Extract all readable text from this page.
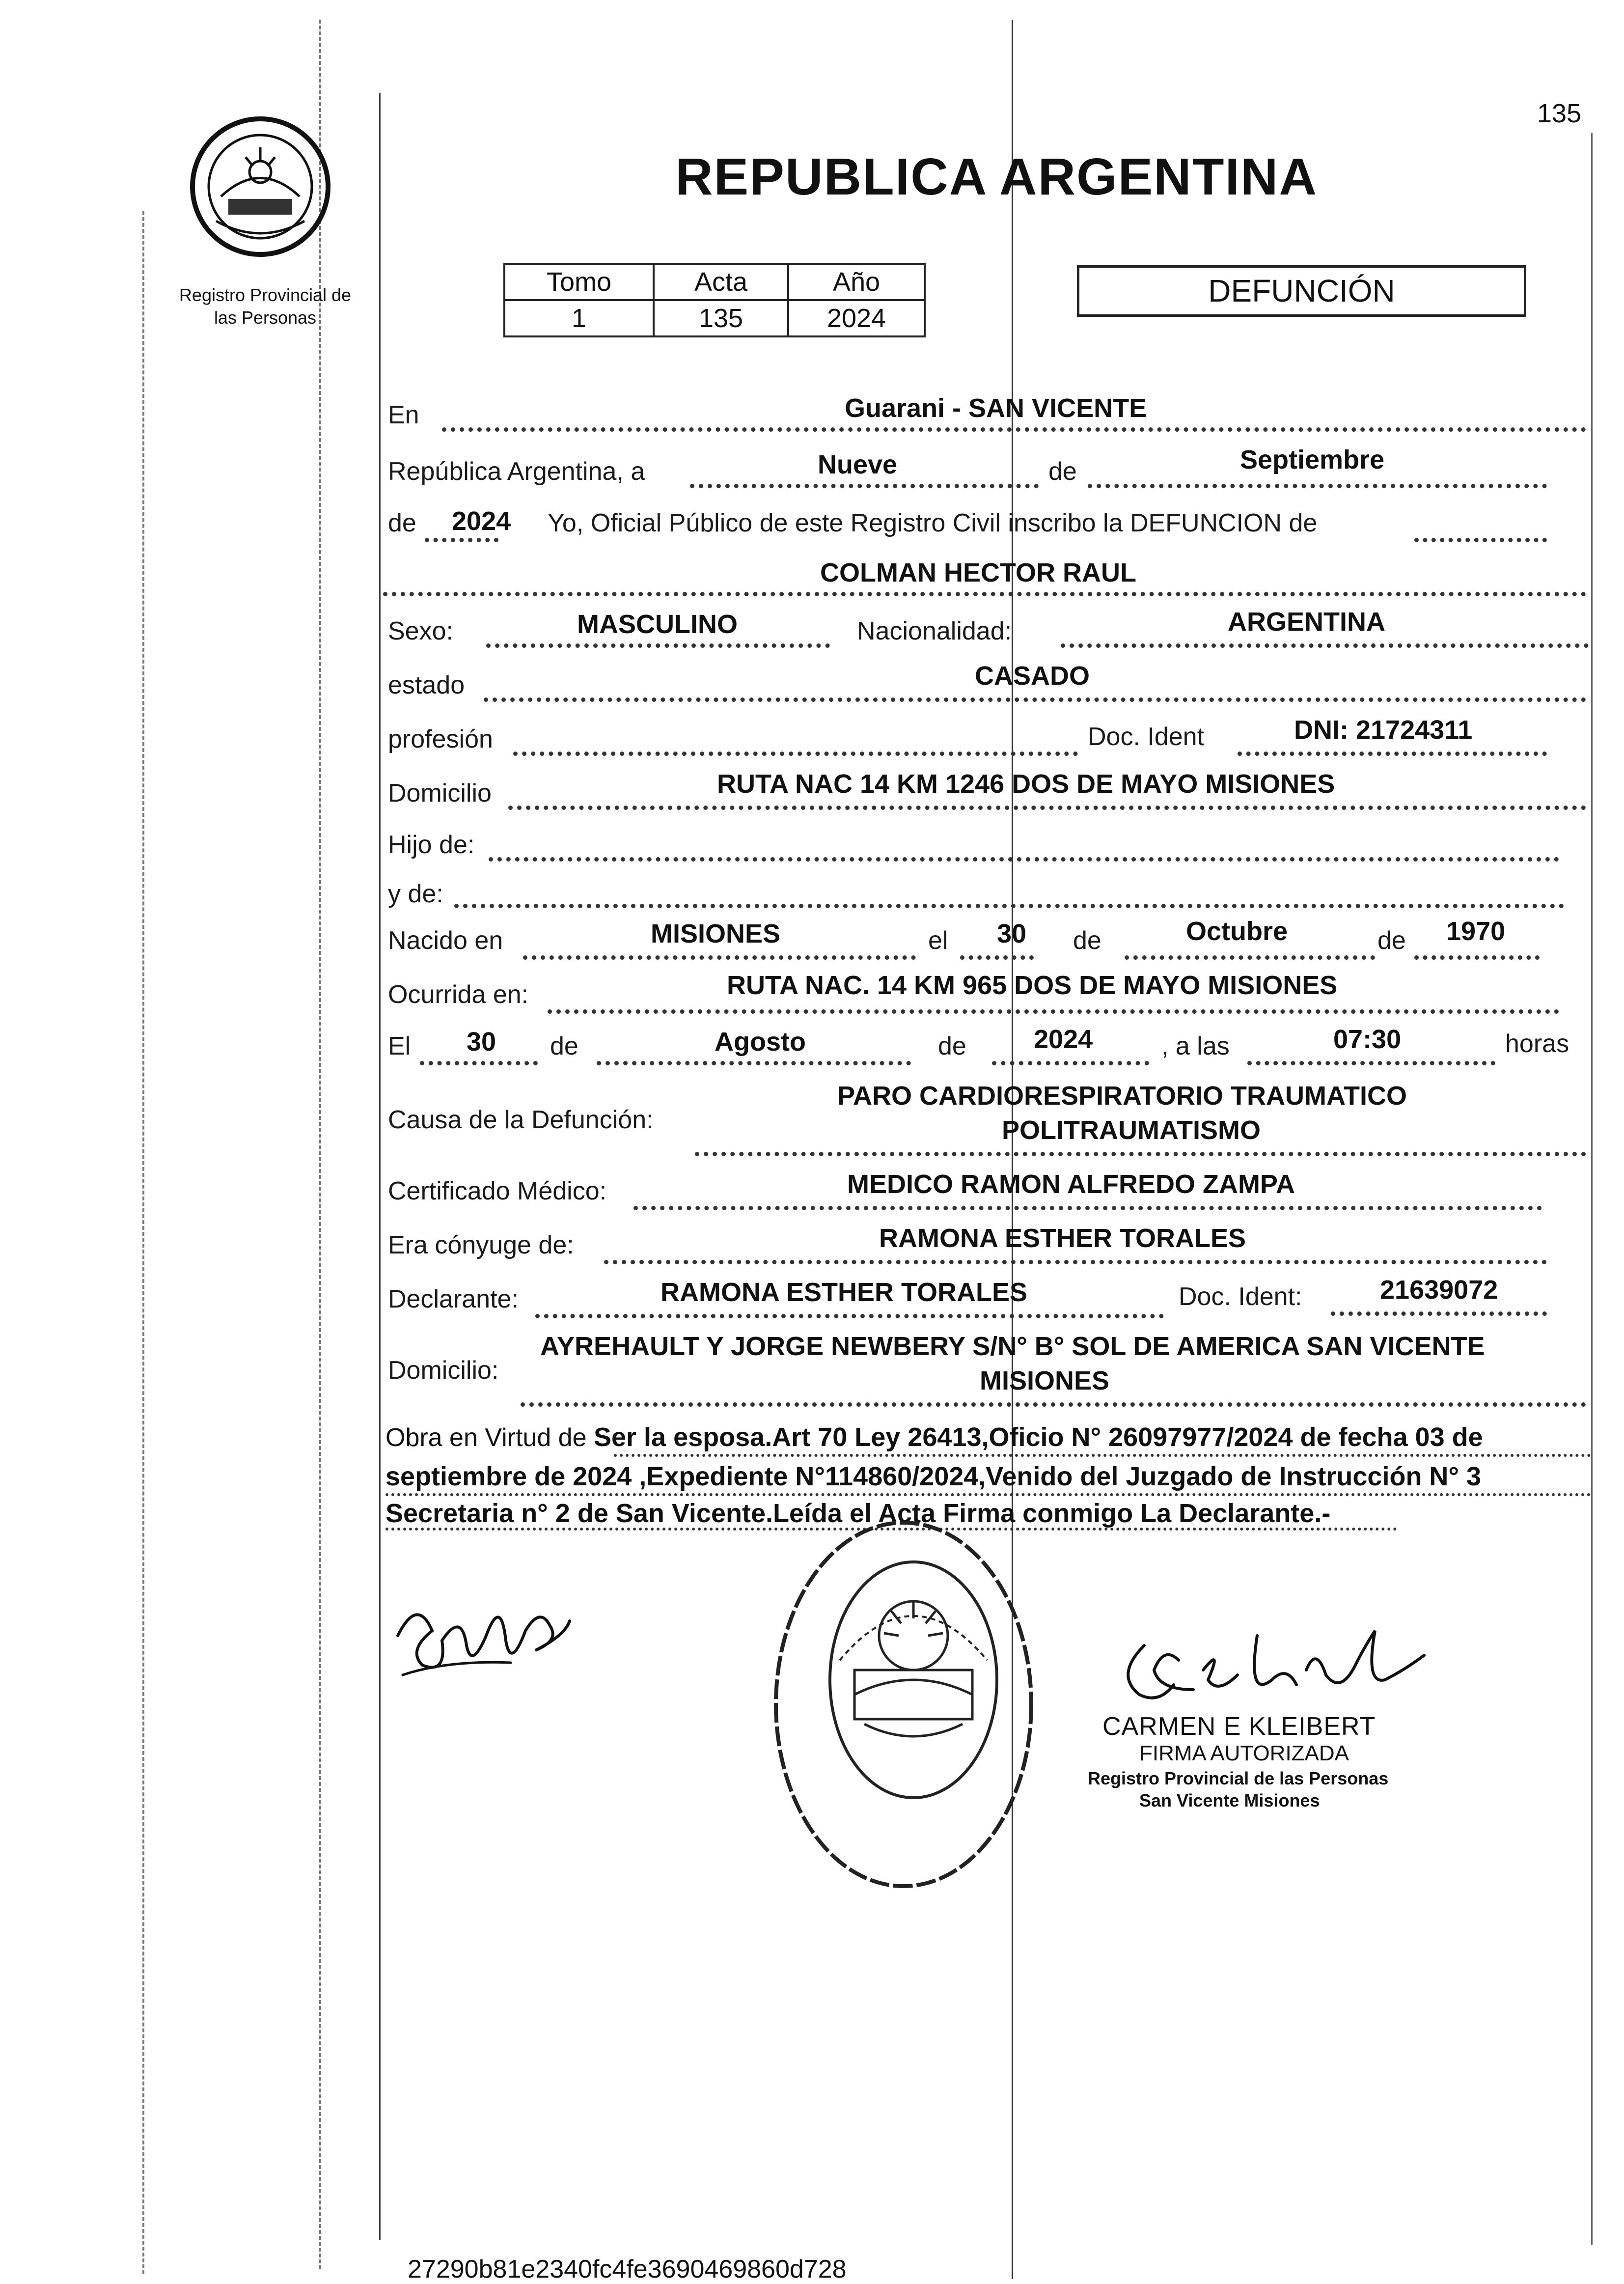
135
Registro Provincial de
las Personas
REPUBLICA ARGENTINA
Tomo	Acta	Año
1	135	2024
DEFUNCIÓN
En	Guarani - SAN VICENTE
República Argentina, a	Nueve	de	Septiembre
de 2024 Yo, Oficial Público de este Registro Civil inscribo la DEFUNCION de
COLMAN HECTOR RAUL
Sexo:	MASCULINO	Nacionalidad:	ARGENTINA
estado	CASADO
profesión	Doc. Ident	DNI: 21724311
Domicilio	RUTA NAC 14 KM 1246 DOS DE MAYO MISIONES
Hijo de:
y de:
Nacido en	MISIONES	el 30 de	Octubre	de 1970
Ocurrida en:	RUTA NAC. 14 KM 965 DOS DE MAYO MISIONES
El 30 de	Agosto	de	2024	, a las	07:30	horas
Causa de la Defunción:
PARO CARDIORESPIRATORIO TRAUMATICO
POLITRAUMATISMO
Certificado Médico:	MEDICO RAMON ALFREDO ZAMPA
Era cónyuge de:	RAMONA ESTHER TORALES
Declarante:	RAMONA ESTHER TORALES	Doc. Ident:	21639072
Domicilio:
AYREHAULT Y JORGE NEWBERY S/N° B° SOL DE AMERICA SAN VICENTE
MISIONES
Obra en Virtud de Ser la esposa.Art 70 Ley 26413,Oficio N° 26097977/2024 de fecha 03 de
septiembre de 2024 ,Expediente N°114860/2024,Venido del Juzgado de Instrucción N° 3
Secretaria n° 2 de San Vicente.Leída el Acta Firma conmigo La Declarante.-
CARMEN E KLEIBERT
FIRMA AUTORIZADA
Registro Provincial de las Personas
San Vicente Misiones
27290b81e2340fc4fe3690469860d728
